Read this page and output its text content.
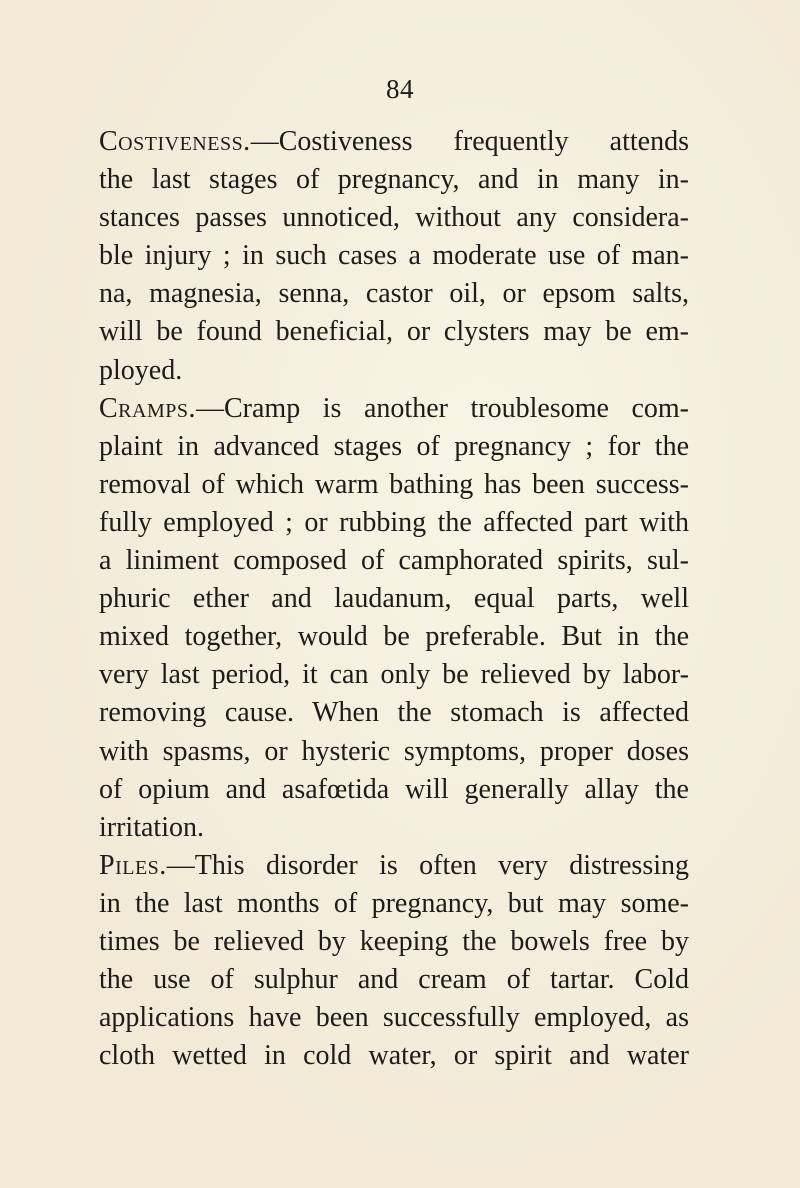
84
Costiveness.—Costiveness frequently attends
the last stages of pregnancy, and in many in-
stances passes unnoticed, without any considera-
ble injury ; in such cases a moderate use of man-
na, magnesia, senna, castor oil, or epsom salts,
will be found beneficial, or clysters may be em-
ployed.
Cramps.—Cramp is another troublesome com-
plaint in advanced stages of pregnancy ; for the
removal of which warm bathing has been success-
fully employed ; or rubbing the affected part with
a liniment composed of camphorated spirits, sul-
phuric ether and laudanum, equal parts, well
mixed together, would be preferable. But in the
very last period, it can only be relieved by labor-
removing cause. When the stomach is affected
with spasms, or hysteric symptoms, proper doses
of opium and asafœtida will generally allay the
irritation.
Piles.—This disorder is often very distressing
in the last months of pregnancy, but may some-
times be relieved by keeping the bowels free by
the use of sulphur and cream of tartar. Cold
applications have been successfully employed, as
cloth wetted in cold water, or spirit and water
